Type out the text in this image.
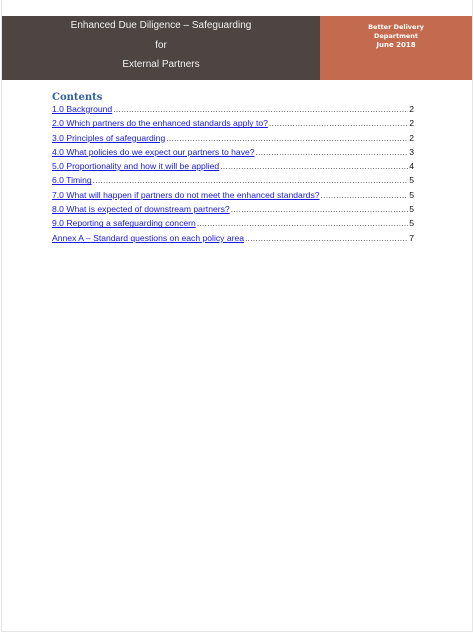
Enhanced Due Diligence – Safeguarding
for
External Partners
Better Delivery
Department
June 2018
Contents
1.0 Background .....	2
2.0 Which partners do the enhanced standards apply to? .....	2
3.0 Principles of safeguarding .....	2
4.0 What policies do we expect our partners to have? .....	3
5.0 Proportionality and how it will be applied .....	4
6.0 Timing .....	5
7.0 What will happen if partners do not meet the enhanced standards? .....	5
8.0 What is expected of downstream partners? .....	5
9.0 Reporting a safeguarding concern .....	5
Annex A – Standard questions on each policy area .....	7
